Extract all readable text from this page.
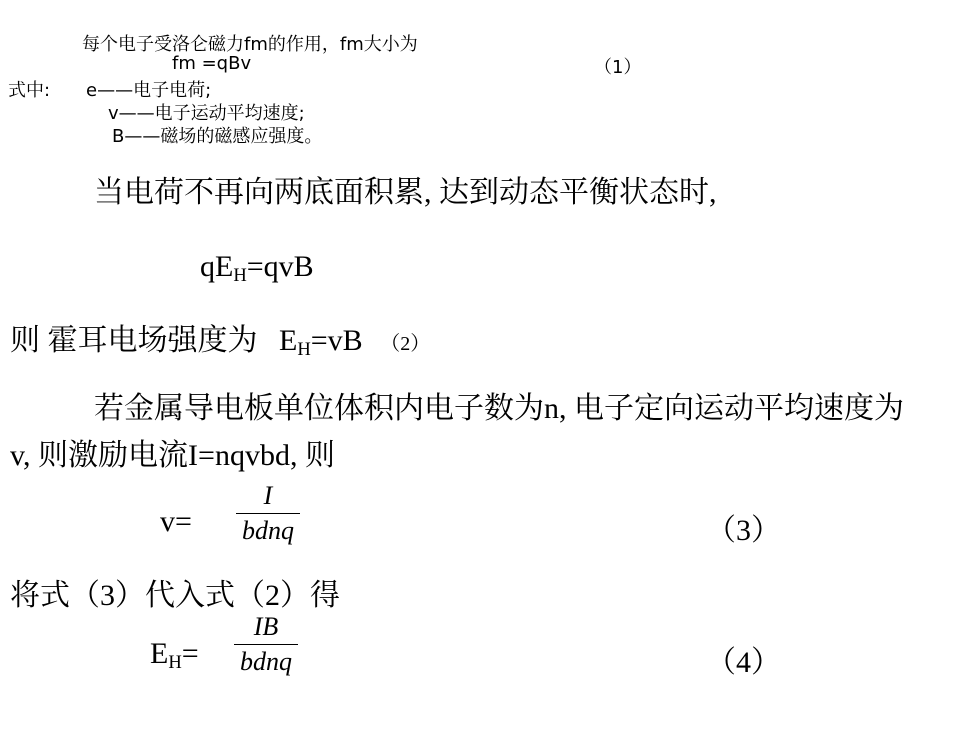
每个电子受洛仑磁力fm的作用，fm大小为
fm =qBv	（1）
式中: e——电子电荷;
v——电子运动平均速度;
B——磁场的磁感应强度。
当电荷不再向两底面积累, 达到动态平衡状态时,
$qE_H=qvB$
则 霍耳电场强度为 $E_H=vB$ （2）
若金属导电板单位体积内电子数为n, 电子定向运动平均速度为
v, 则激励电流I=nqvbd, 则
$v= \frac{I}{\text{bdnq}}$	（3）
将式（3）代入式（2）得
$E_H= \frac{IB}{\text{bdnq}}$	（4）
